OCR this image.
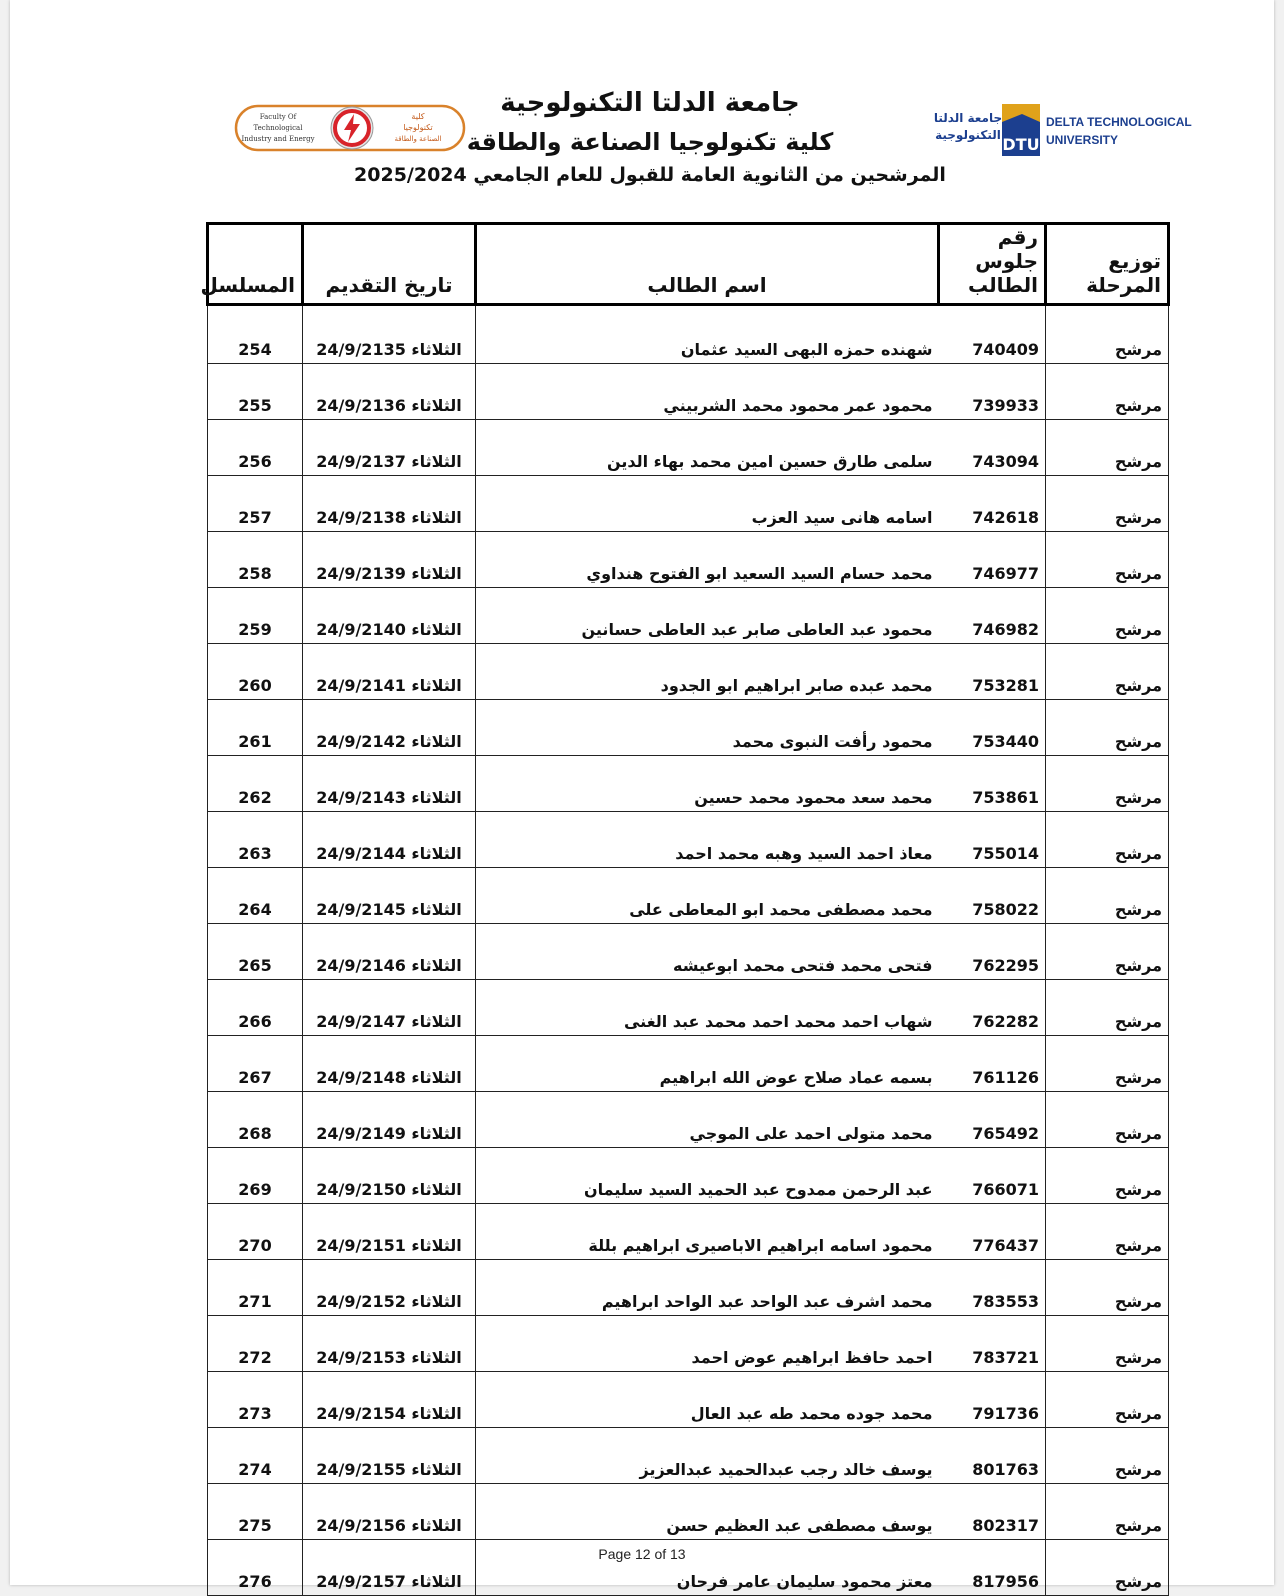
Faculty Of
Technological
Industry and Energy
كلية
تكنولوجيا
الصناعة والطاقة
جامعة الدلتا التكنولوجية
كلية تكنولوجيا الصناعة والطاقة
المرشحين من الثانوية العامة للقبول للعام الجامعي 2025/2024
جامعة الدلتا
التكنولوجية DTU
DELTA TECHNOLOGICAL
UNIVERSITY
توزيع المرحلة	رقم جلوس الطالب	اسم الطالب	تاريخ التقديم	المسلسل
مرشح	740409	شهنده حمزه البهى السيد عثمان	الثلاثاء 24/9/2135	254
مرشح	739933	محمود عمر محمود محمد الشربيني	الثلاثاء 24/9/2136	255
مرشح	743094	سلمى طارق حسين امين محمد بهاء الدين	الثلاثاء 24/9/2137	256
مرشح	742618	اسامه هانى سيد العزب	الثلاثاء 24/9/2138	257
مرشح	746977	محمد حسام السيد السعيد ابو الفتوح هنداوي	الثلاثاء 24/9/2139	258
مرشح	746982	محمود عبد العاطى صابر عبد العاطى حسانين	الثلاثاء 24/9/2140	259
مرشح	753281	محمد عبده صابر ابراهيم ابو الجدود	الثلاثاء 24/9/2141	260
مرشح	753440	محمود رأفت النبوى محمد	الثلاثاء 24/9/2142	261
مرشح	753861	محمد سعد محمود محمد حسين	الثلاثاء 24/9/2143	262
مرشح	755014	معاذ احمد السيد وهبه محمد احمد	الثلاثاء 24/9/2144	263
مرشح	758022	محمد مصطفى محمد ابو المعاطى على	الثلاثاء 24/9/2145	264
مرشح	762295	فتحى محمد فتحى محمد ابوعيشه	الثلاثاء 24/9/2146	265
مرشح	762282	شهاب احمد محمد احمد محمد عبد الغنى	الثلاثاء 24/9/2147	266
مرشح	761126	بسمه عماد صلاح عوض الله ابراهيم	الثلاثاء 24/9/2148	267
مرشح	765492	محمد متولى احمد على الموجي	الثلاثاء 24/9/2149	268
مرشح	766071	عبد الرحمن ممدوح عبد الحميد السيد سليمان	الثلاثاء 24/9/2150	269
مرشح	776437	محمود اسامه ابراهيم الاباصيرى ابراهيم بللة	الثلاثاء 24/9/2151	270
مرشح	783553	محمد اشرف عبد الواحد عبد الواحد ابراهيم	الثلاثاء 24/9/2152	271
مرشح	783721	احمد حافظ ابراهيم عوض احمد	الثلاثاء 24/9/2153	272
مرشح	791736	محمد جوده محمد طه عبد العال	الثلاثاء 24/9/2154	273
مرشح	801763	يوسف خالد رجب عبدالحميد عبدالعزيز	الثلاثاء 24/9/2155	274
مرشح	802317	يوسف مصطفى عبد العظيم حسن	الثلاثاء 24/9/2156	275
مرشح	817956	معتز محمود سليمان عامر فرحان	الثلاثاء 24/9/2157	276
Page 12 of 13
